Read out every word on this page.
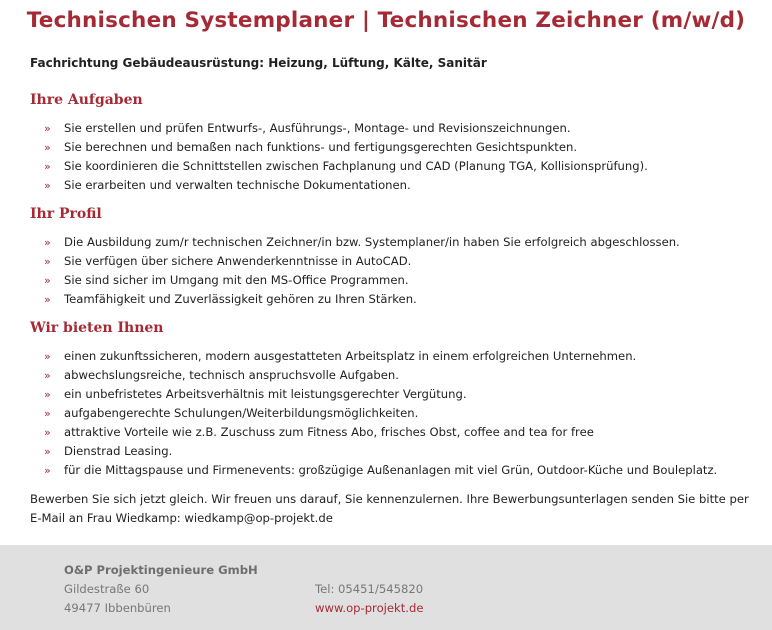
Technischen Systemplaner | Technischen Zeichner (m/w/d)
Fachrichtung Gebäudeausrüstung: Heizung, Lüftung, Kälte, Sanitär
Ihre Aufgaben
» Sie erstellen und prüfen Entwurfs-, Ausführungs-, Montage- und Revisionszeichnungen.
» Sie berechnen und bemaßen nach funktions- und fertigungsgerechten Gesichtspunkten.
» Sie koordinieren die Schnittstellen zwischen Fachplanung und CAD (Planung TGA, Kollisionsprüfung).
» Sie erarbeiten und verwalten technische Dokumentationen.
Ihr Profil
» Die Ausbildung zum/r technischen Zeichner/in bzw. Systemplaner/in haben Sie erfolgreich abgeschlossen.
» Sie verfügen über sichere Anwenderkenntnisse in AutoCAD.
» Sie sind sicher im Umgang mit den MS-Office Programmen.
» Teamfähigkeit und Zuverlässigkeit gehören zu Ihren Stärken.
Wir bieten Ihnen
» einen zukunftssicheren, modern ausgestatteten Arbeitsplatz in einem erfolgreichen Unternehmen.
» abwechslungsreiche, technisch anspruchsvolle Aufgaben.
» ein unbefristetes Arbeitsverhältnis mit leistungsgerechter Vergütung.
» aufgabengerechte Schulungen/Weiterbildungsmöglichkeiten.
» attraktive Vorteile wie z.B. Zuschuss zum Fitness Abo, frisches Obst, coffee and tea for free
» Dienstrad Leasing.
» für die Mittagspause und Firmenevents: großzügige Außenanlagen mit viel Grün, Outdoor-Küche und Bouleplatz.
Bewerben Sie sich jetzt gleich. Wir freuen uns darauf, Sie kennenzulernen. Ihre Bewerbungsunterlagen senden Sie bitte per E-Mail an Frau Wiedkamp: wiedkamp@op-projekt.de
O&P Projektingenieure GmbH
Gildestraße 60
49477 Ibbenbüren
Tel: 05451/545820
www.op-projekt.de
